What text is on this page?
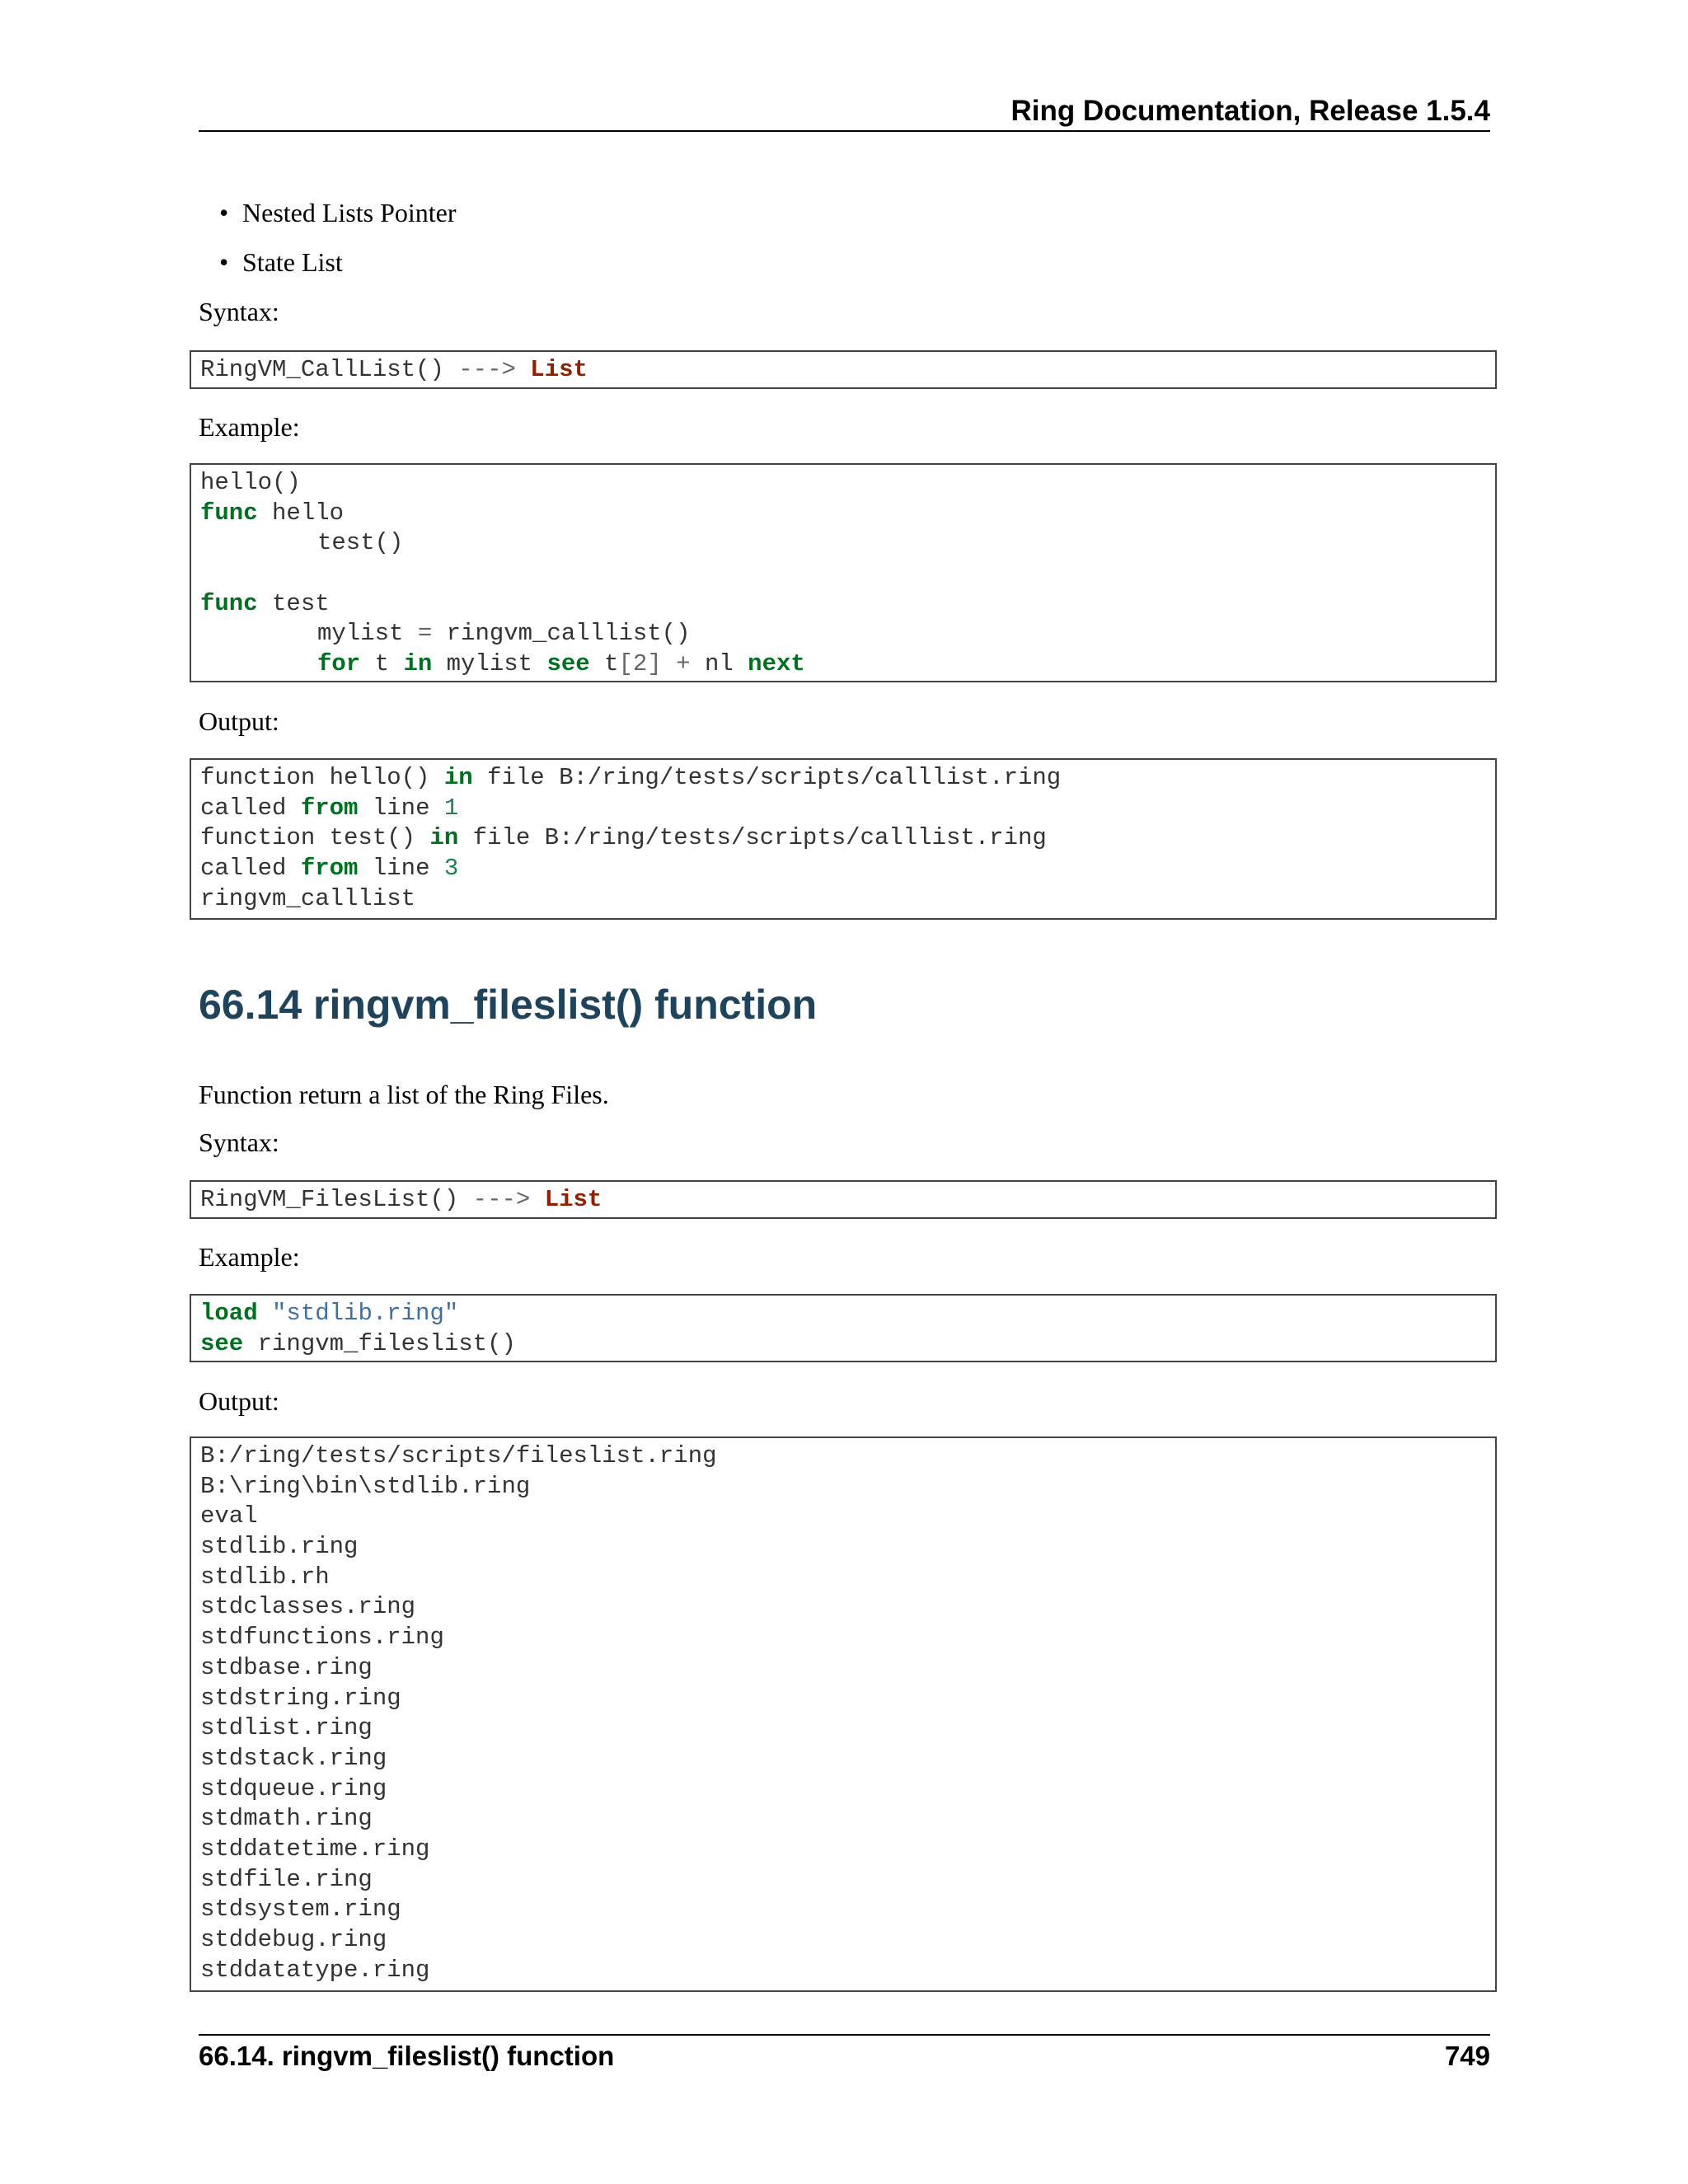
Ring Documentation, Release 1.5.4
• Nested Lists Pointer
• State List
Syntax:
RingVM_CallList() ---> List
Example:
hello()
func hello
test()
func test
mylist = ringvm_calllist()
for t in mylist see t[2] + nl next
Output:
function hello() in file B:/ring/tests/scripts/calllist.ring
called from line 1
function test() in file B:/ring/tests/scripts/calllist.ring
called from line 3
ringvm_calllist
66.14 ringvm_fileslist() function
Function return a list of the Ring Files.
Syntax:
RingVM_FilesList() ---> List
Example:
load "stdlib.ring"
see ringvm_fileslist()
Output:
B:/ring/tests/scripts/fileslist.ring
B:\ring\bin\stdlib.ring
eval
stdlib.ring
stdlib.rh
stdclasses.ring
stdfunctions.ring
stdbase.ring
stdstring.ring
stdlist.ring
stdstack.ring
stdqueue.ring
stdmath.ring
stddatetime.ring
stdfile.ring
stdsystem.ring
stddebug.ring
stddatatype.ring
66.14. ringvm_fileslist() function	749
